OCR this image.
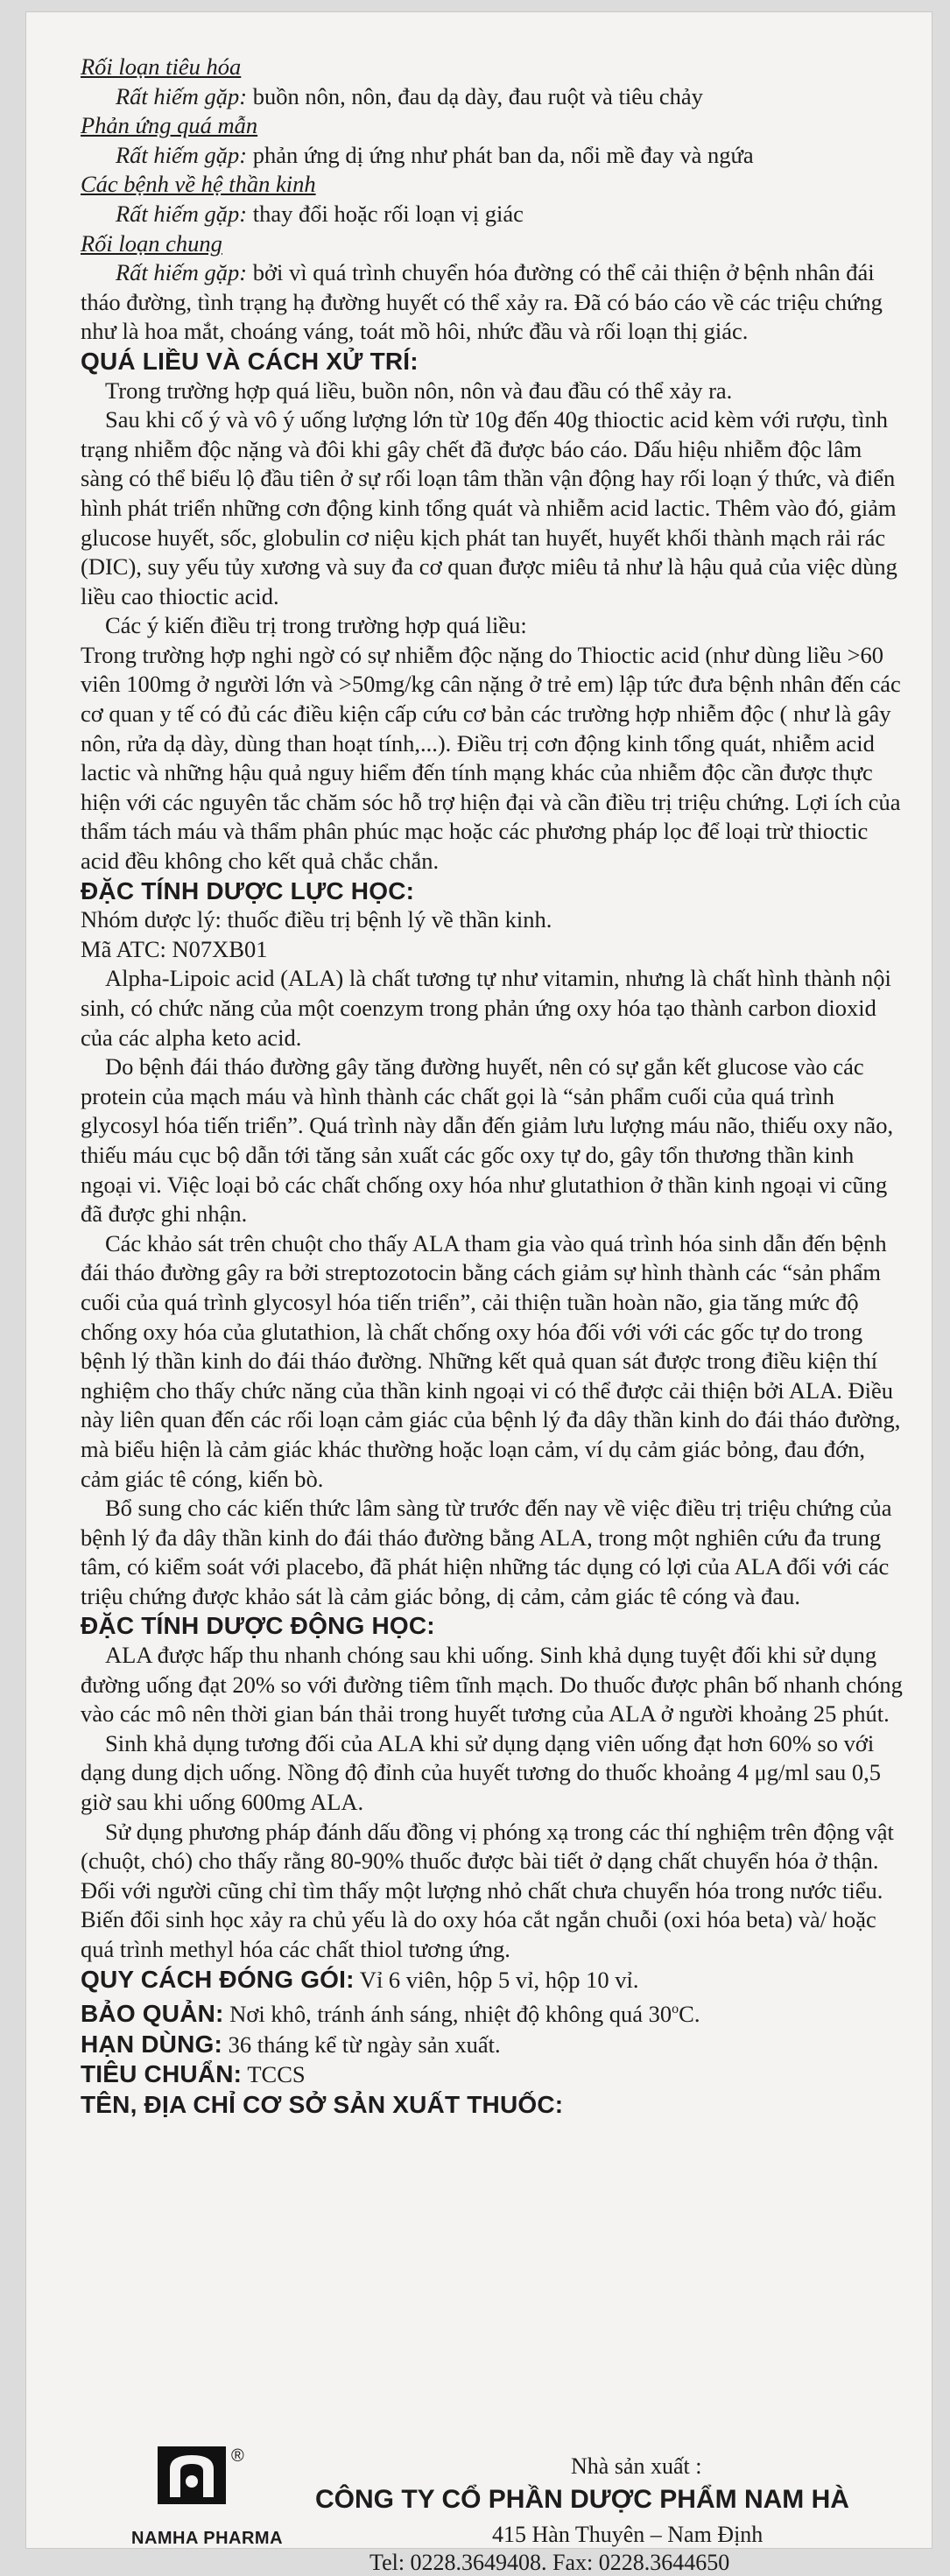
Rối loạn tiêu hóa

Rất hiếm gặp: buồn nôn, nôn, đau dạ dày, đau ruột và tiêu chảy

Phản ứng quá mẫn

Rất hiếm gặp: phản ứng dị ứng như phát ban da, nổi mề đay và ngứa

Các bệnh về hệ thần kinh

Rất hiếm gặp: thay đổi hoặc rối loạn vị giác

Rối loạn chung

Rất hiếm gặp: bởi vì quá trình chuyển hóa đường có thể cải thiện ở bệnh nhân đái tháo đường, tình trạng hạ đường huyết có thể xảy ra. Đã có báo cáo về các triệu chứng như là hoa mắt, choáng váng, toát mồ hôi, nhức đầu và rối loạn thị giác.

QUÁ LIỀU VÀ CÁCH XỬ TRÍ:

Trong trường hợp quá liều, buồn nôn, nôn và đau đầu có thể xảy ra.

Sau khi cố ý và vô ý uống lượng lớn từ 10g đến 40g thioctic acid kèm với rượu, tình trạng nhiễm độc nặng và đôi khi gây chết đã được báo cáo. Dấu hiệu nhiễm độc lâm sàng có thể biểu lộ đầu tiên ở sự rối loạn tâm thần vận động hay rối loạn ý thức, và điển hình phát triển những cơn động kinh tổng quát và nhiễm acid lactic. Thêm vào đó, giảm glucose huyết, sốc, globulin cơ niệu kịch phát tan huyết, huyết khối thành mạch rải rác (DIC), suy yếu tủy xương và suy đa cơ quan được miêu tả như là hậu quả của việc dùng liều cao thioctic acid.

Các ý kiến điều trị trong trường hợp quá liều:

Trong trường hợp nghi ngờ có sự nhiễm độc nặng do Thioctic acid (như dùng liều >60 viên 100mg ở người lớn và >50mg/kg cân nặng ở trẻ em) lập tức đưa bệnh nhân đến các cơ quan y tế có đủ các điều kiện cấp cứu cơ bản các trường hợp nhiễm độc ( như là gây nôn, rửa dạ dày, dùng than hoạt tính,...). Điều trị cơn động kinh tổng quát, nhiễm acid lactic và những hậu quả nguy hiểm đến tính mạng khác của nhiễm độc cần được thực hiện với các nguyên tắc chăm sóc hỗ trợ hiện đại và cần điều trị triệu chứng. Lợi ích của thẩm tách máu và thẩm phân phúc mạc hoặc các phương pháp lọc để loại trừ thioctic acid đều không cho kết quả chắc chắn.

ĐẶC TÍNH DƯỢC LỰC HỌC:

Nhóm dược lý: thuốc điều trị bệnh lý về thần kinh.

Mã ATC: N07XB01

Alpha-Lipoic acid (ALA) là chất tương tự như vitamin, nhưng là chất hình thành nội sinh, có chức năng của một coenzym trong phản ứng oxy hóa tạo thành carbon dioxid của các alpha keto acid.

Do bệnh đái tháo đường gây tăng đường huyết, nên có sự gắn kết glucose vào các protein của mạch máu và hình thành các chất gọi là “sản phẩm cuối của quá trình glycosyl hóa tiến triển”. Quá trình này dẫn đến giảm lưu lượng máu não, thiếu oxy não, thiếu máu cục bộ dẫn tới tăng sản xuất các gốc oxy tự do, gây tổn thương thần kinh ngoại vi. Việc loại bỏ các chất chống oxy hóa như glutathion ở thần kinh ngoại vi cũng đã được ghi nhận.

Các khảo sát trên chuột cho thấy ALA tham gia vào quá trình hóa sinh dẫn đến bệnh đái tháo đường gây ra bởi streptozotocin bằng cách giảm sự hình thành các “sản phẩm cuối của quá trình glycosyl hóa tiến triển”, cải thiện tuần hoàn não, gia tăng mức độ chống oxy hóa của glutathion, là chất chống oxy hóa đối với với các gốc tự do trong bệnh lý thần kinh do đái tháo đường. Những kết quả quan sát được trong điều kiện thí nghiệm cho thấy chức năng của thần kinh ngoại vi có thể được cải thiện bởi ALA. Điều này liên quan đến các rối loạn cảm giác của bệnh lý đa dây thần kinh do đái tháo đường, mà biểu hiện là cảm giác khác thường hoặc loạn cảm, ví dụ cảm giác bỏng, đau đớn, cảm giác tê cóng, kiến bò.

Bổ sung cho các kiến thức lâm sàng từ trước đến nay về việc điều trị triệu chứng của bệnh lý đa dây thần kinh do đái tháo đường bằng ALA, trong một nghiên cứu đa trung tâm, có kiểm soát với placebo, đã phát hiện những tác dụng có lợi của ALA đối với các triệu chứng được khảo sát là cảm giác bỏng, dị cảm, cảm giác tê cóng và đau.

ĐẶC TÍNH DƯỢC ĐỘNG HỌC:

ALA được hấp thu nhanh chóng sau khi uống. Sinh khả dụng tuyệt đối khi sử dụng đường uống đạt 20% so với đường tiêm tĩnh mạch. Do thuốc được phân bố nhanh chóng vào các mô nên thời gian bán thải trong huyết tương của ALA ở người khoảng 25 phút.

Sinh khả dụng tương đối của ALA khi sử dụng dạng viên uống đạt hơn 60% so với dạng dung dịch uống. Nồng độ đỉnh của huyết tương do thuốc khoảng 4 μg/ml sau 0,5 giờ sau khi uống 600mg ALA.

Sử dụng phương pháp đánh dấu đồng vị phóng xạ trong các thí nghiệm trên động vật (chuột, chó) cho thấy rằng 80-90% thuốc được bài tiết ở dạng chất chuyển hóa ở thận. Đối với người cũng chỉ tìm thấy một lượng nhỏ chất chưa chuyển hóa trong nước tiểu. Biến đổi sinh học xảy ra chủ yếu là do oxy hóa cắt ngắn chuỗi (oxi hóa beta) và/ hoặc quá trình methyl hóa các chất thiol tương ứng.

QUY CÁCH ĐÓNG GÓI: Vỉ 6 viên, hộp 5 vỉ, hộp 10 vỉ.

BẢO QUẢN: Nơi khô, tránh ánh sáng, nhiệt độ không quá 30$^o$C.

HẠN DÙNG: 36 tháng kể từ ngày sản xuất.

TIÊU CHUẨN: TCCS

TÊN, ĐỊA CHỈ CƠ SỞ SẢN XUẤT THUỐC:

®
NAMHA PHARMA
Nhà sản xuất :
CÔNG TY CỔ PHẦN DƯỢC PHẨM NAM HÀ
415 Hàn Thuyên – Nam Định
Tel: 0228.3649408. Fax: 0228.3644650
